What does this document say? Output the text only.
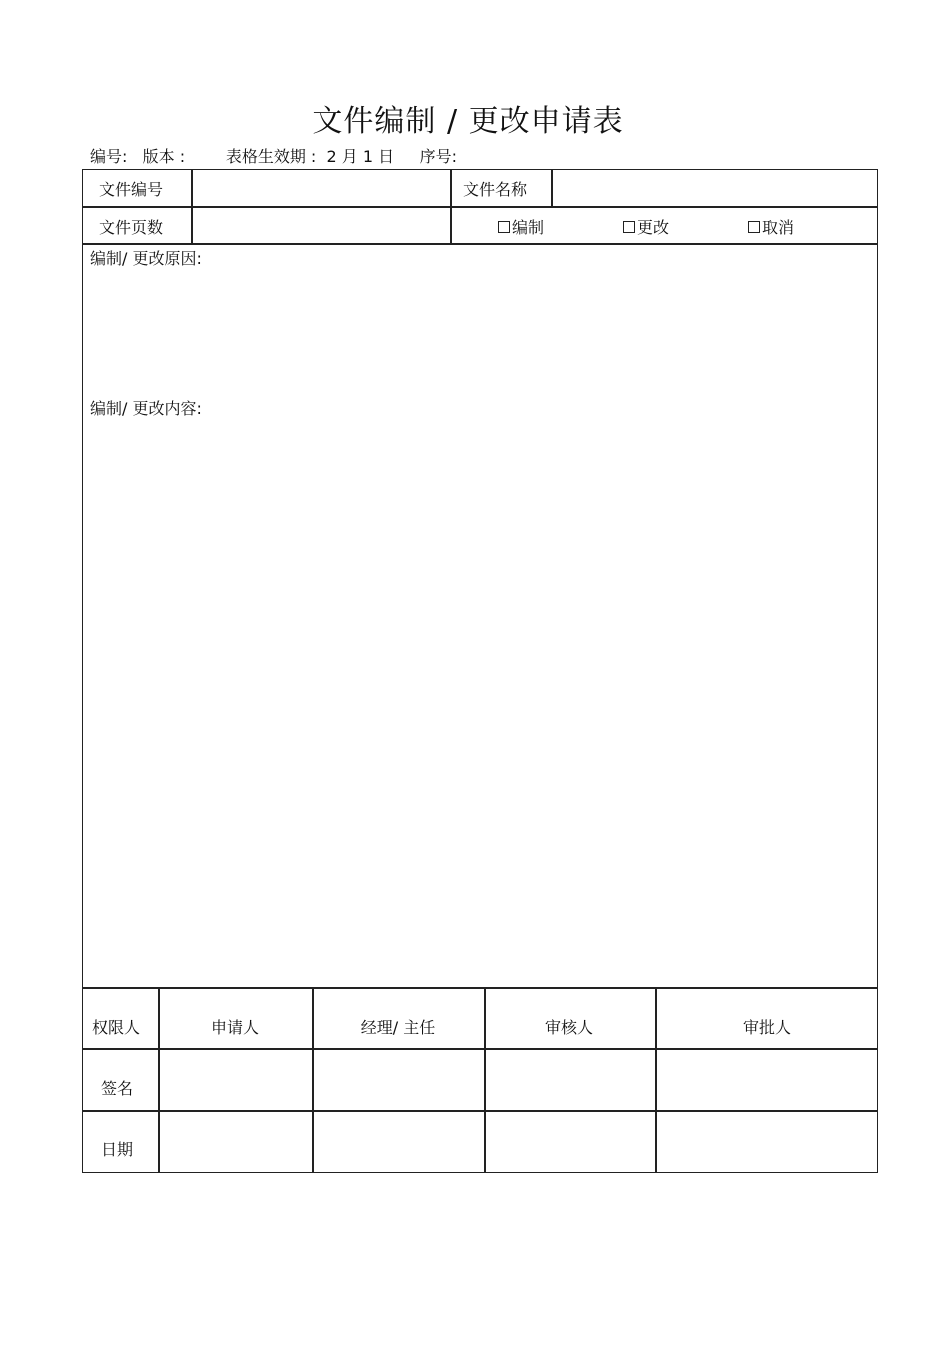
文件编制 / 更改申请表
编号: 版本 :	表格生效期 : 2 月 1 日 序号:
文件编号	文件名称
文件页数	编制	更改	取消
编制/ 更改原因:
编制/ 更改内容:
权限人	申请人	经理/ 主任	审核人	审批人
签名
日期
